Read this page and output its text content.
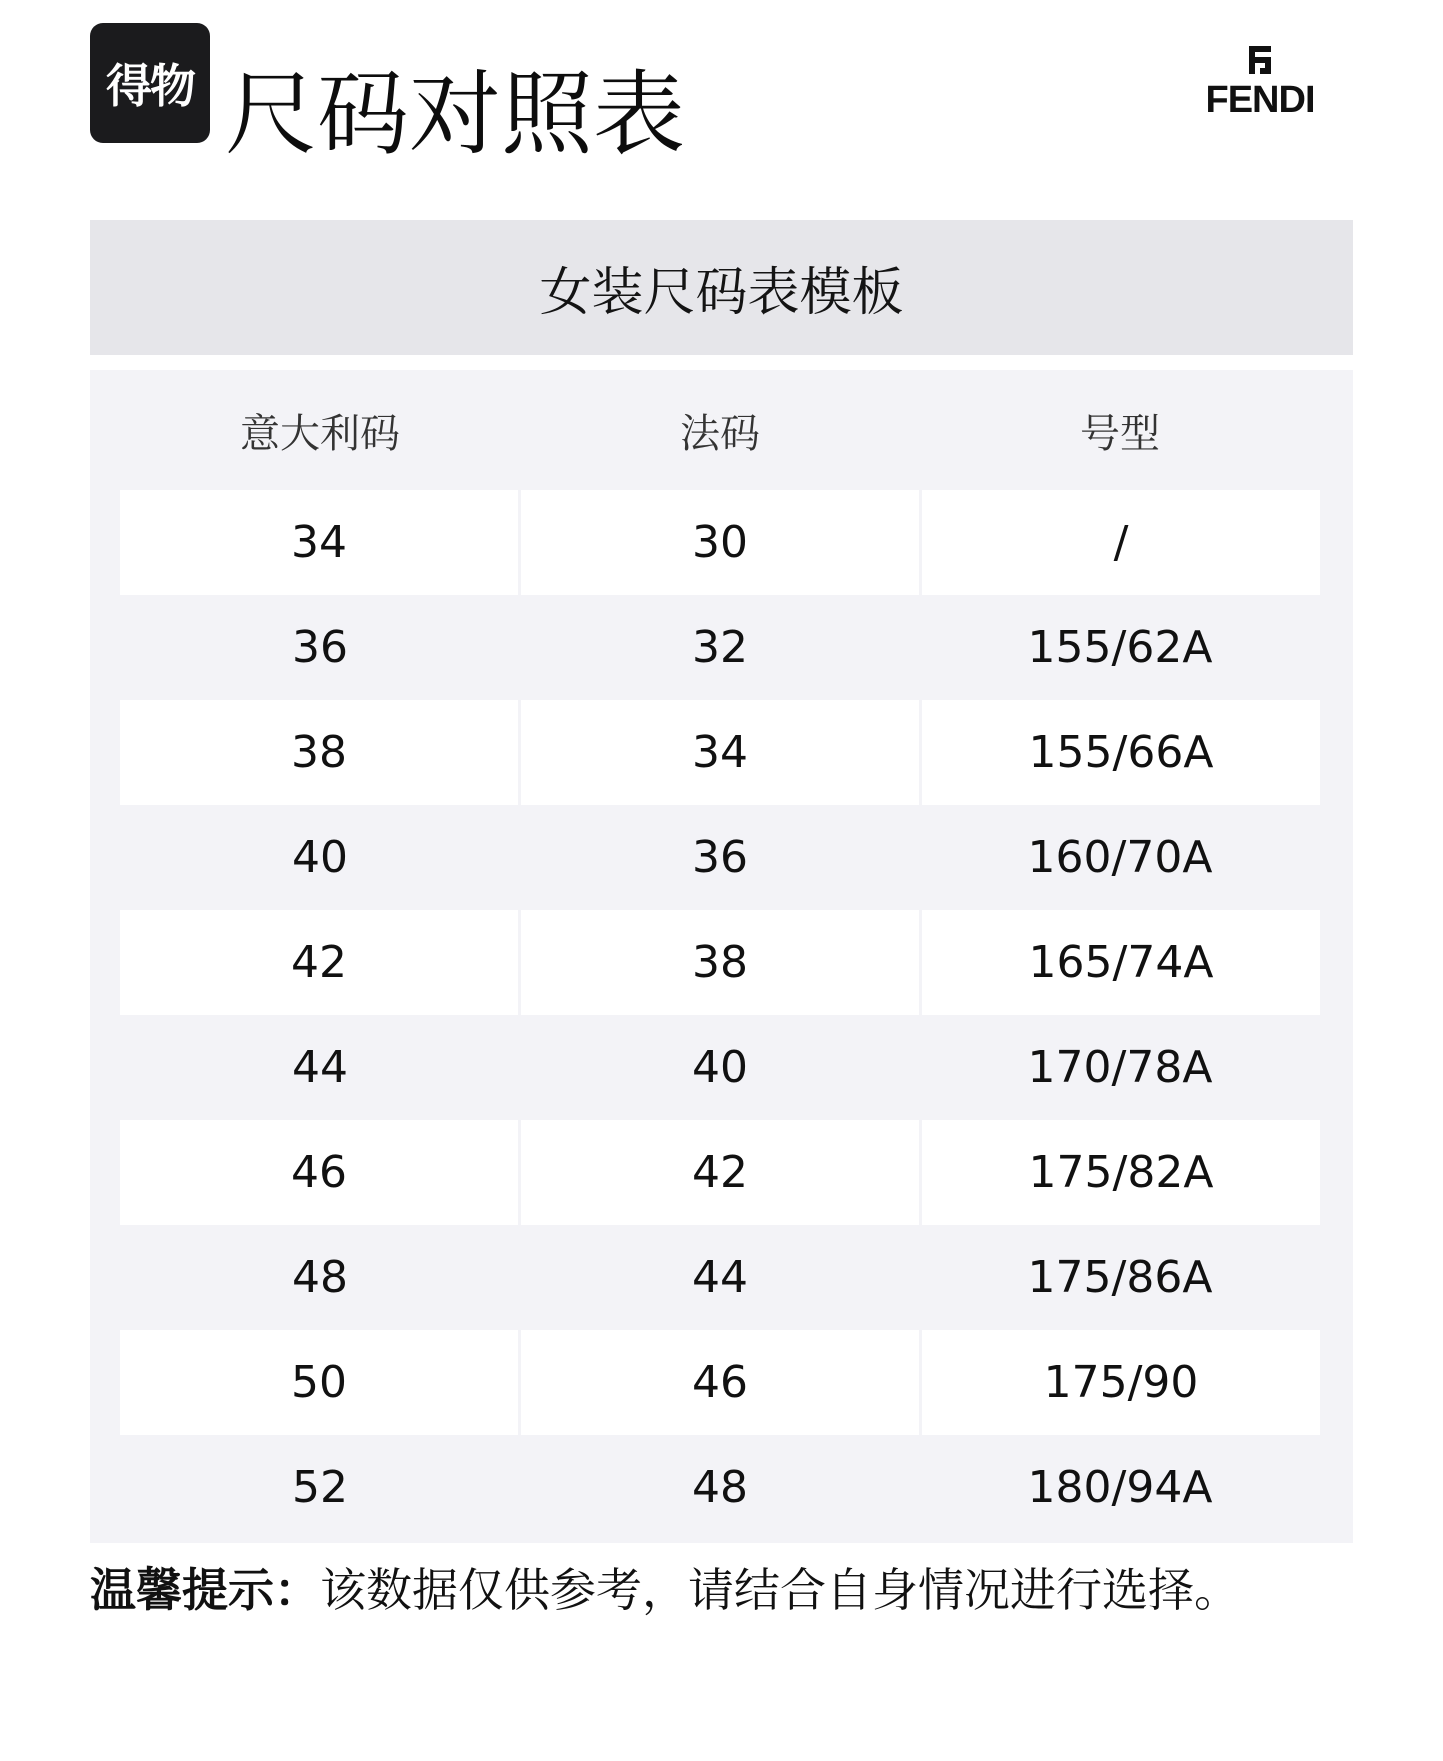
得物 尺码对照表	FENDI
女装尺码表模板
意大利码	法码	号型
34	30	/
36	32	155/62A
38	34	155/66A
40	36	160/70A
42	38	165/74A
44	40	170/78A
46	42	175/82A
48	44	175/86A
50	46	175/90
52	48	180/94A
温馨提示：该数据仅供参考，请结合自身情况进行选择。
